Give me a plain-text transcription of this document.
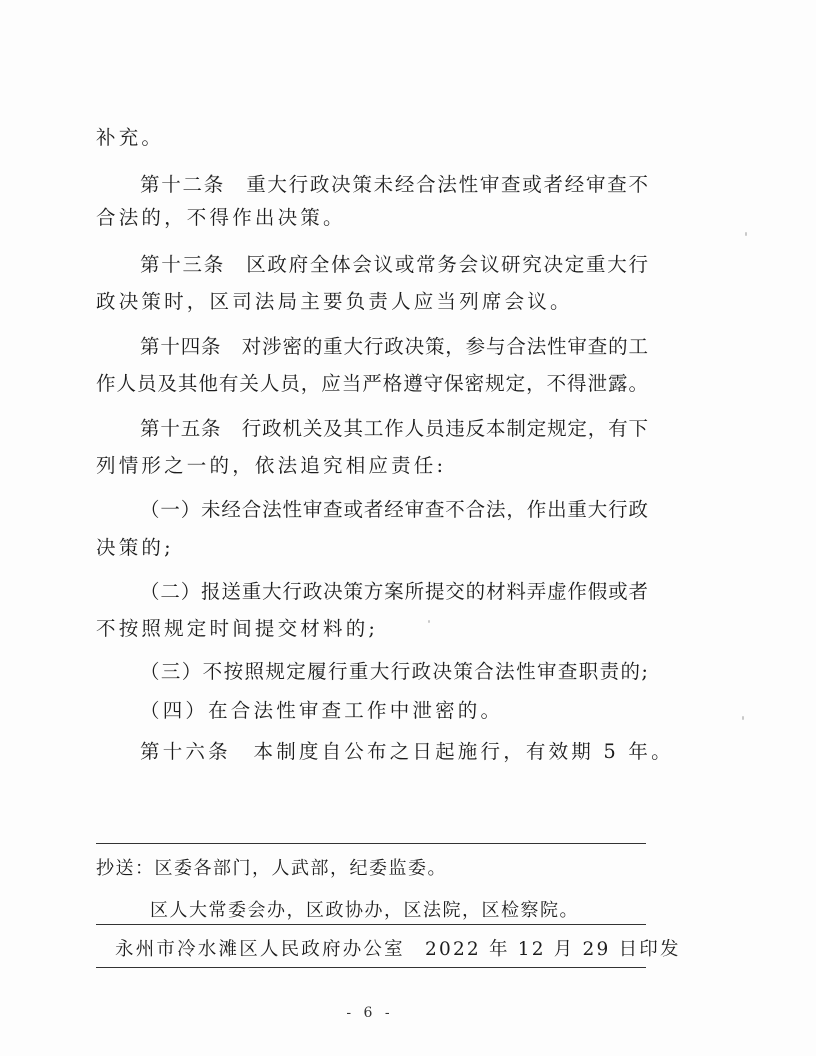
补充。
第十二条　重大行政决策未经合法性审查或者经审查不
合法的，不得作出决策。
第十三条　区政府全体会议或常务会议研究决定重大行
政决策时，区司法局主要负责人应当列席会议。
第十四条　对涉密的重大行政决策，参与合法性审查的工
作人员及其他有关人员，应当严格遵守保密规定，不得泄露。
第十五条　行政机关及其工作人员违反本制定规定，有下
列情形之一的，依法追究相应责任:
（一）未经合法性审查或者经审查不合法，作出重大行政
决策的;
（二）报送重大行政决策方案所提交的材料弄虚作假或者
不按照规定时间提交材料的;
（三）不按照规定履行重大行政决策合法性审查职责的;
（四）在合法性审查工作中泄密的。
第十六条　本制度自公布之日起施行，有效期 5 年。
抄送：区委各部门，人武部，纪委监委。
区人大常委会办，区政协办，区法院，区检察院。
永州市冷水滩区人民政府办公室 2022 年 12 月 29 日印发
- 6 -
